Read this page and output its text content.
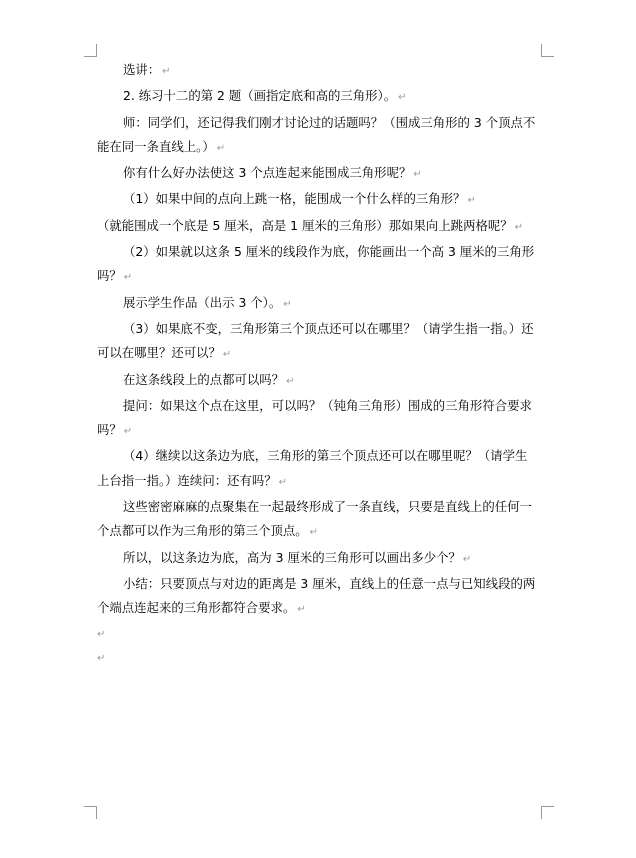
选讲： ↵

2. 练习十二的第 2 题（画指定底和高的三角形）。 ↵

师：同学们，还记得我们刚才讨论过的话题吗？（围成三角形的 3 个顶点不

能在同一条直线上。） ↵

你有什么好办法使这 3 个点连起来能围成三角形呢？ ↵

（1）如果中间的点向上跳一格，能围成一个什么样的三角形？ ↵

（就能围成一个底是 5 厘米，高是 1 厘米的三角形）那如果向上跳两格呢？ ↵

（2）如果就以这条 5 厘米的线段作为底，你能画出一个高 3 厘米的三角形

吗？ ↵

展示学生作品（出示 3 个）。 ↵

（3）如果底不变，三角形第三个顶点还可以在哪里？（请学生指一指。）还

可以在哪里？还可以？ ↵

在这条线段上的点都可以吗？ ↵

提问：如果这个点在这里，可以吗？（钝角三角形）围成的三角形符合要求

吗？ ↵

（4）继续以这条边为底，三角形的第三个顶点还可以在哪里呢？（请学生

上台指一指。）连续问：还有吗？ ↵

这些密密麻麻的点聚集在一起最终形成了一条直线，只要是直线上的任何一

个点都可以作为三角形的第三个顶点。 ↵

所以，以这条边为底，高为 3 厘米的三角形可以画出多少个？ ↵

小结：只要顶点与对边的距离是 3 厘米，直线上的任意一点与已知线段的两

个端点连起来的三角形都符合要求。 ↵

↵

↵
